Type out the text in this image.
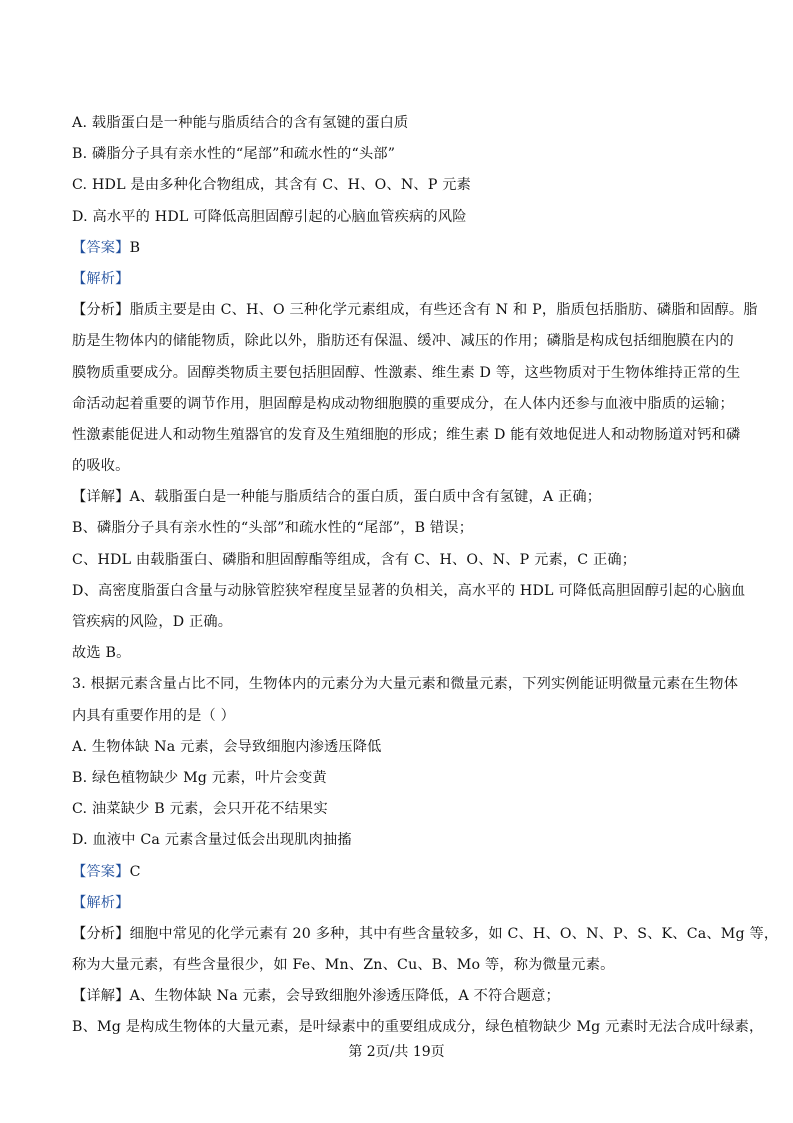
A. 载脂蛋白是一种能与脂质结合的含有氢键的蛋白质
B. 磷脂分子具有亲水性的“尾部”和疏水性的“头部”
C. HDL 是由多种化合物组成，其含有 C、H、O、N、P 元素
D. 高水平的 HDL 可降低高胆固醇引起的心脑血管疾病的风险
【答案】B
【解析】
【分析】脂质主要是由 C、H、O 三种化学元素组成，有些还含有 N 和 P，脂质包括脂肪、磷脂和固醇。脂
肪是生物体内的储能物质，除此以外，脂肪还有保温、缓冲、减压的作用；磷脂是构成包括细胞膜在内的
膜物质重要成分。固醇类物质主要包括胆固醇、性激素、维生素 D 等，这些物质对于生物体维持正常的生
命活动起着重要的调节作用，胆固醇是构成动物细胞膜的重要成分，在人体内还参与血液中脂质的运输；
性激素能促进人和动物生殖器官的发育及生殖细胞的形成；维生素 D 能有效地促进人和动物肠道对钙和磷
的吸收。
【详解】A、载脂蛋白是一种能与脂质结合的蛋白质，蛋白质中含有氢键，A 正确；
B、磷脂分子具有亲水性的“头部”和疏水性的“尾部”，B 错误；
C、HDL 由载脂蛋白、磷脂和胆固醇酯等组成，含有 C、H、O、N、P 元素，C 正确；
D、高密度脂蛋白含量与动脉管腔狭窄程度呈显著的负相关，高水平的 HDL 可降低高胆固醇引起的心脑血
管疾病的风险，D 正确。
故选 B。
3. 根据元素含量占比不同，生物体内的元素分为大量元素和微量元素，下列实例能证明微量元素在生物体
内具有重要作用的是（ ）
A. 生物体缺 Na 元素，会导致细胞内渗透压降低
B. 绿色植物缺少 Mg 元素，叶片会变黄
C. 油菜缺少 B 元素，会只开花不结果实
D. 血液中 Ca 元素含量过低会出现肌肉抽搐
【答案】C
【解析】
【分析】细胞中常见的化学元素有 20 多种，其中有些含量较多，如 C、H、O、N、P、S、K、Ca、Mg 等，
称为大量元素，有些含量很少，如 Fe、Mn、Zn、Cu、B、Mo 等，称为微量元素。
【详解】A、生物体缺 Na 元素，会导致细胞外渗透压降低，A 不符合题意；
B、Mg 是构成生物体的大量元素，是叶绿素中的重要组成成分，绿色植物缺少 Mg 元素时无法合成叶绿素，
第 2页/共 19页
